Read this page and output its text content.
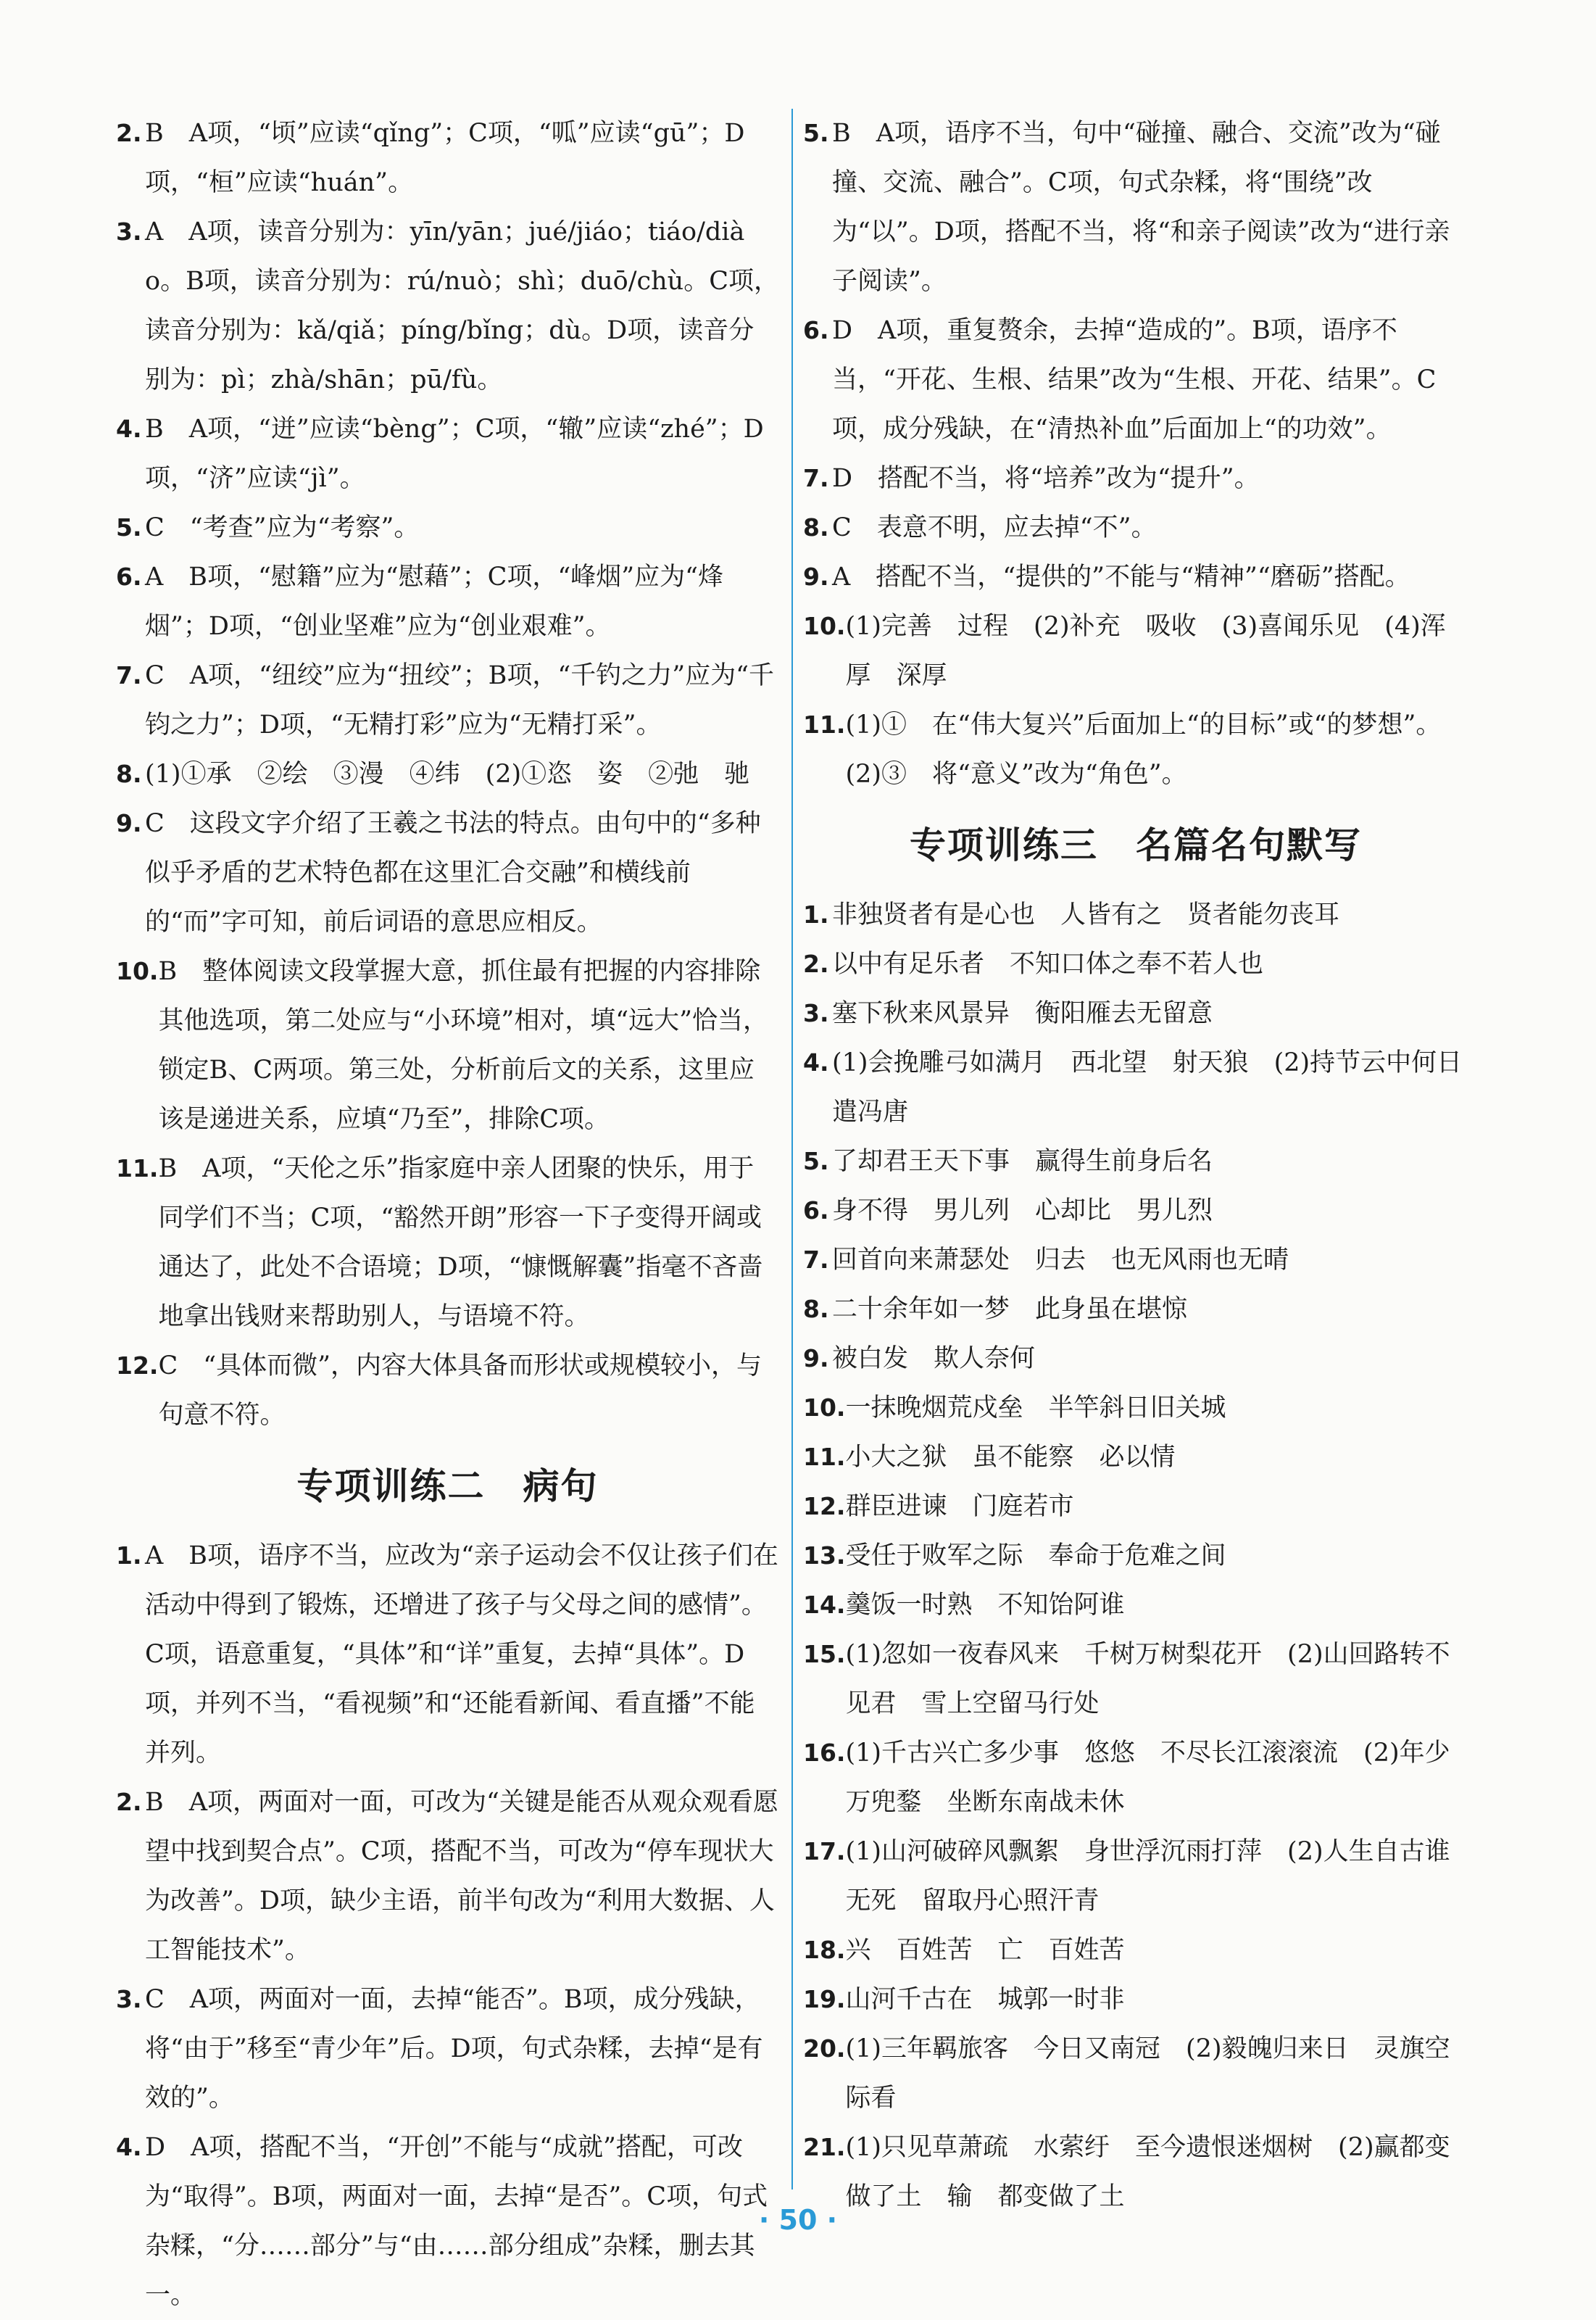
2. B　A项，“顷”应读“qǐng”；C项，“呱”应读“gū”；D项，“桓”应读“huán”。
3. A　A项，读音分别为：yīn/yān；jué/jiáo；tiáo/diào。B项，读音分别为：rú/nuò；shì；duō/chù。C项，读音分别为：kǎ/qiǎ；píng/bǐng；dù。D项，读音分别为：pì；zhà/shān；pū/fù。
4. B　A项，“迸”应读“bèng”；C项，“辙”应读“zhé”；D项，“济”应读“jì”。
5. C　“考查”应为“考察”。
6. A　B项，“慰籍”应为“慰藉”；C项，“峰烟”应为“烽烟”；D项，“创业坚难”应为“创业艰难”。
7. C　A项，“纽绞”应为“扭绞”；B项，“千钓之力”应为“千钧之力”；D项，“无精打彩”应为“无精打采”。
8. (1)①承　②绘　③漫　④纬　(2)①恣　姿　②弛　驰
9. C　这段文字介绍了王羲之书法的特点。由句中的“多种似乎矛盾的艺术特色都在这里汇合交融”和横线前的“而”字可知，前后词语的意思应相反。
10. B　整体阅读文段掌握大意，抓住最有把握的内容排除其他选项，第二处应与“小环境”相对，填“远大”恰当，锁定B、C两项。第三处，分析前后文的关系，这里应该是递进关系，应填“乃至”，排除C项。
11. B　A项，“天伦之乐”指家庭中亲人团聚的快乐，用于同学们不当；C项，“豁然开朗”形容一下子变得开阔或通达了，此处不合语境；D项，“慷慨解囊”指毫不吝啬地拿出钱财来帮助别人，与语境不符。
12. C　“具体而微”，内容大体具备而形状或规模较小，与句意不符。
专项训练二　病句
1. A　B项，语序不当，应改为“亲子运动会不仅让孩子们在活动中得到了锻炼，还增进了孩子与父母之间的感情”。C项，语意重复，“具体”和“详”重复，去掉“具体”。D项，并列不当，“看视频”和“还能看新闻、看直播”不能并列。
2. B　A项，两面对一面，可改为“关键是能否从观众观看愿望中找到契合点”。C项，搭配不当，可改为“停车现状大为改善”。D项，缺少主语，前半句改为“利用大数据、人工智能技术”。
3. C　A项，两面对一面，去掉“能否”。B项，成分残缺，将“由于”移至“青少年”后。D项，句式杂糅，去掉“是有效的”。
4. D　A项，搭配不当，“开创”不能与“成就”搭配，可改为“取得”。B项，两面对一面，去掉“是否”。C项，句式杂糅，“分……部分”与“由……部分组成”杂糅，删去其一。
5. B　A项，语序不当，句中“碰撞、融合、交流”改为“碰撞、交流、融合”。C项，句式杂糅，将“围绕”改为“以”。D项，搭配不当，将“和亲子阅读”改为“进行亲子阅读”。
6. D　A项，重复赘余，去掉“造成的”。B项，语序不当，“开花、生根、结果”改为“生根、开花、结果”。C项，成分残缺，在“清热补血”后面加上“的功效”。
7. D　搭配不当，将“培养”改为“提升”。
8. C　表意不明，应去掉“不”。
9. A　搭配不当，“提供的”不能与“精神”“磨砺”搭配。
10. (1)完善　过程　(2)补充　吸收　(3)喜闻乐见　(4)浑厚　深厚
11. (1)①　在“伟大复兴”后面加上“的目标”或“的梦想”。(2)③　将“意义”改为“角色”。
专项训练三　名篇名句默写
1. 非独贤者有是心也　人皆有之　贤者能勿丧耳
2. 以中有足乐者　不知口体之奉不若人也
3. 塞下秋来风景异　衡阳雁去无留意
4. (1)会挽雕弓如满月　西北望　射天狼　(2)持节云中何日遣冯唐
5. 了却君王天下事　赢得生前身后名
6. 身不得　男儿列　心却比　男儿烈
7. 回首向来萧瑟处　归去　也无风雨也无晴
8. 二十余年如一梦　此身虽在堪惊
9. 被白发　欺人奈何
10. 一抹晚烟荒戍垒　半竿斜日旧关城
11. 小大之狱　虽不能察　必以情
12. 群臣进谏　门庭若市
13. 受任于败军之际　奉命于危难之间
14. 羹饭一时熟　不知饴阿谁
15. (1)忽如一夜春风来　千树万树梨花开　(2)山回路转不见君　雪上空留马行处
16. (1)千古兴亡多少事　悠悠　不尽长江滚滚流　(2)年少万兜鍪　坐断东南战未休
17. (1)山河破碎风飘絮　身世浮沉雨打萍　(2)人生自古谁无死　留取丹心照汗青
18. 兴　百姓苦　亡　百姓苦
19. 山河千古在　城郭一时非
20. (1)三年羁旅客　今日又南冠　(2)毅魄归来日　灵旗空际看
21. (1)只见草萧疏　水萦纡　至今遗恨迷烟树　(2)赢都变做了土　输　都变做了土
· 50 ·
